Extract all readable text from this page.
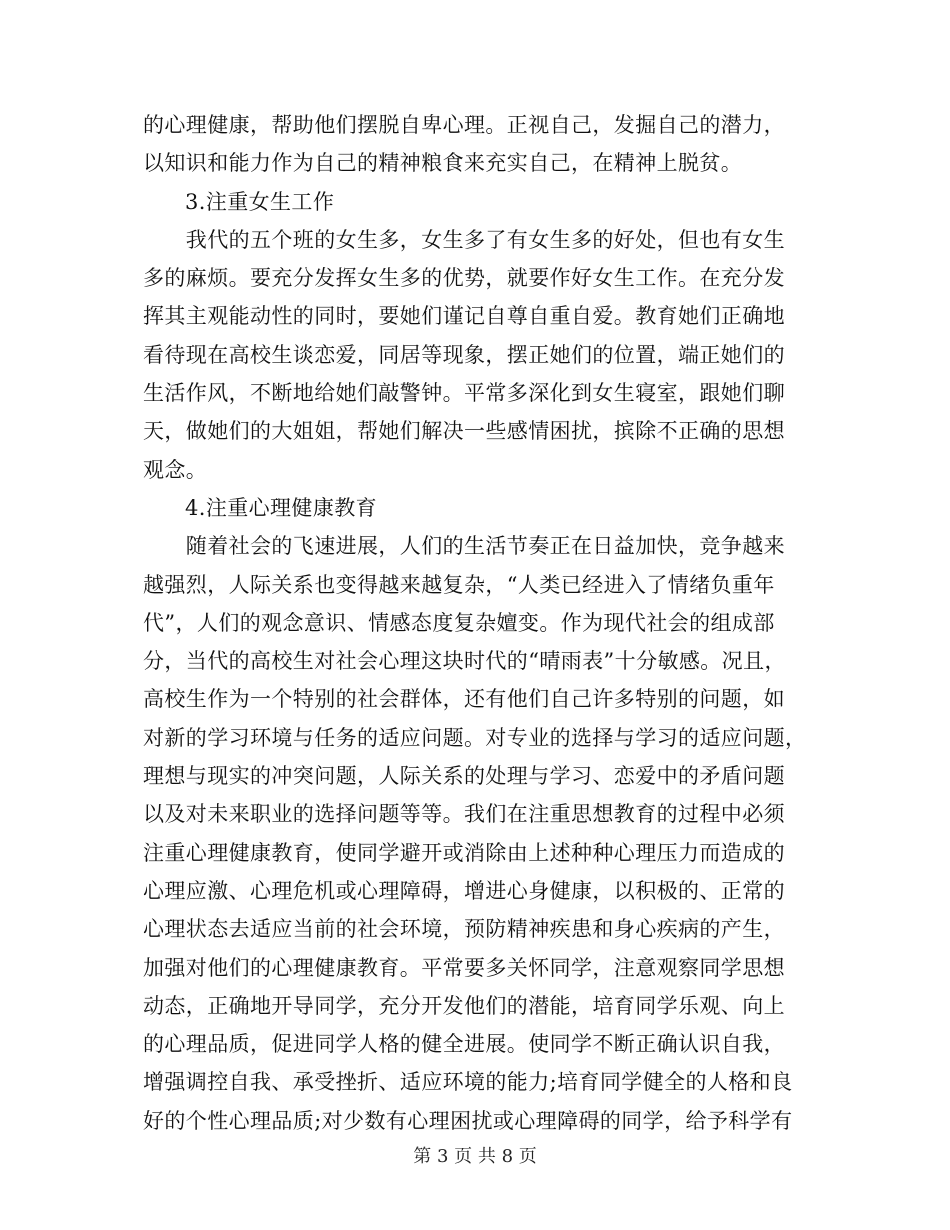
的心理健康，帮助他们摆脱自卑心理。正视自己，发掘自己的潜力，
以知识和能力作为自己的精神粮食来充实自己，在精神上脱贫。
3.注重女生工作
　　我代的五个班的女生多，女生多了有女生多的好处，但也有女生
多的麻烦。要充分发挥女生多的优势，就要作好女生工作。在充分发
挥其主观能动性的同时，要她们谨记自尊自重自爱。教育她们正确地
看待现在高校生谈恋爱，同居等现象，摆正她们的位置，端正她们的
生活作风，不断地给她们敲警钟。平常多深化到女生寝室，跟她们聊
天，做她们的大姐姐，帮她们解决一些感情困扰，摈除不正确的思想
观念。
4.注重心理健康教育
　　随着社会的飞速进展，人们的生活节奏正在日益加快，竞争越来
越强烈，人际关系也变得越来越复杂，“人类已经进入了情绪负重年
代”，人们的观念意识、情感态度复杂嬗变。作为现代社会的组成部
分，当代的高校生对社会心理这块时代的“晴雨表”十分敏感。况且，
高校生作为一个特别的社会群体，还有他们自己许多特别的问题，如
对新的学习环境与任务的适应问题。对专业的选择与学习的适应问题，
理想与现实的冲突问题，人际关系的处理与学习、恋爱中的矛盾问题
以及对未来职业的选择问题等等。我们在注重思想教育的过程中必须
注重心理健康教育，使同学避开或消除由上述种种心理压力而造成的
心理应激、心理危机或心理障碍，增进心身健康，以积极的、正常的
心理状态去适应当前的社会环境，预防精神疾患和身心疾病的产生，
加强对他们的心理健康教育。平常要多关怀同学，注意观察同学思想
动态，正确地开导同学，充分开发他们的潜能，培育同学乐观、向上
的心理品质，促进同学人格的健全进展。使同学不断正确认识自我，
增强调控自我、承受挫折、适应环境的能力;培育同学健全的人格和良
好的个性心理品质;对少数有心理困扰或心理障碍的同学，给予科学有
第 3 页 共 8 页
